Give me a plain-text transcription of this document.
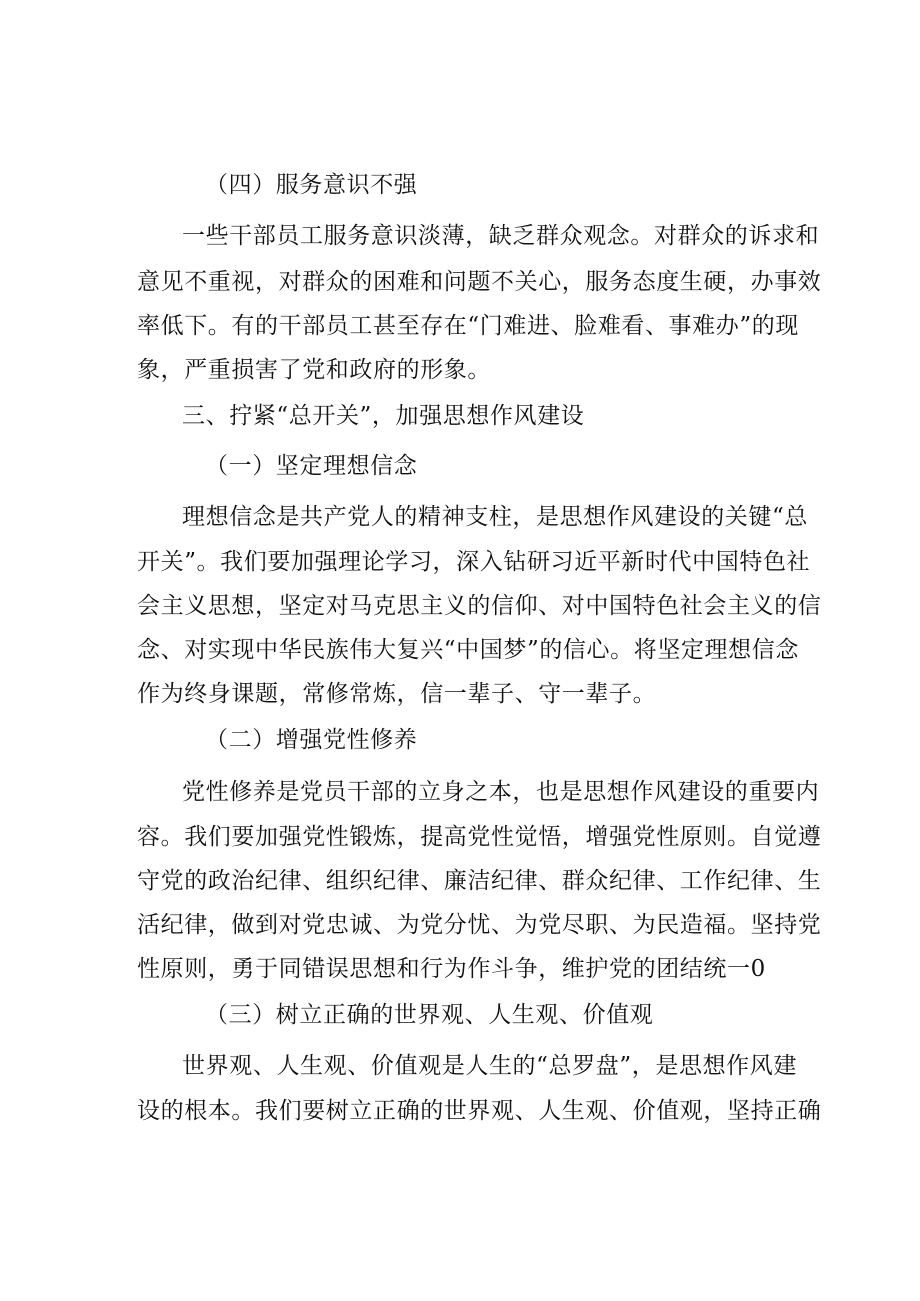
（四）服务意识不强
一些干部员工服务意识淡薄，缺乏群众观念。对群众的诉求和
意见不重视，对群众的困难和问题不关心，服务态度生硬，办事效
率低下。有的干部员工甚至存在“门难进、脸难看、事难办”的现
象，严重损害了党和政府的形象。
三、拧紧“总开关”，加强思想作风建设
（一）坚定理想信念
理想信念是共产党人的精神支柱，是思想作风建设的关键“总
开关”。我们要加强理论学习，深入钻研习近平新时代中国特色社
会主义思想，坚定对马克思主义的信仰、对中国特色社会主义的信
念、对实现中华民族伟大复兴“中国梦”的信心。将坚定理想信念
作为终身课题，常修常炼，信一辈子、守一辈子。
（二）增强党性修养
党性修养是党员干部的立身之本，也是思想作风建设的重要内
容。我们要加强党性锻炼，提高党性觉悟，增强党性原则。自觉遵
守党的政治纪律、组织纪律、廉洁纪律、群众纪律、工作纪律、生
活纪律，做到对党忠诚、为党分忧、为党尽职、为民造福。坚持党
性原则，勇于同错误思想和行为作斗争，维护党的团结统一0
（三）树立正确的世界观、人生观、价值观
世界观、人生观、价值观是人生的“总罗盘”，是思想作风建
设的根本。我们要树立正确的世界观、人生观、价值观，坚持正确
